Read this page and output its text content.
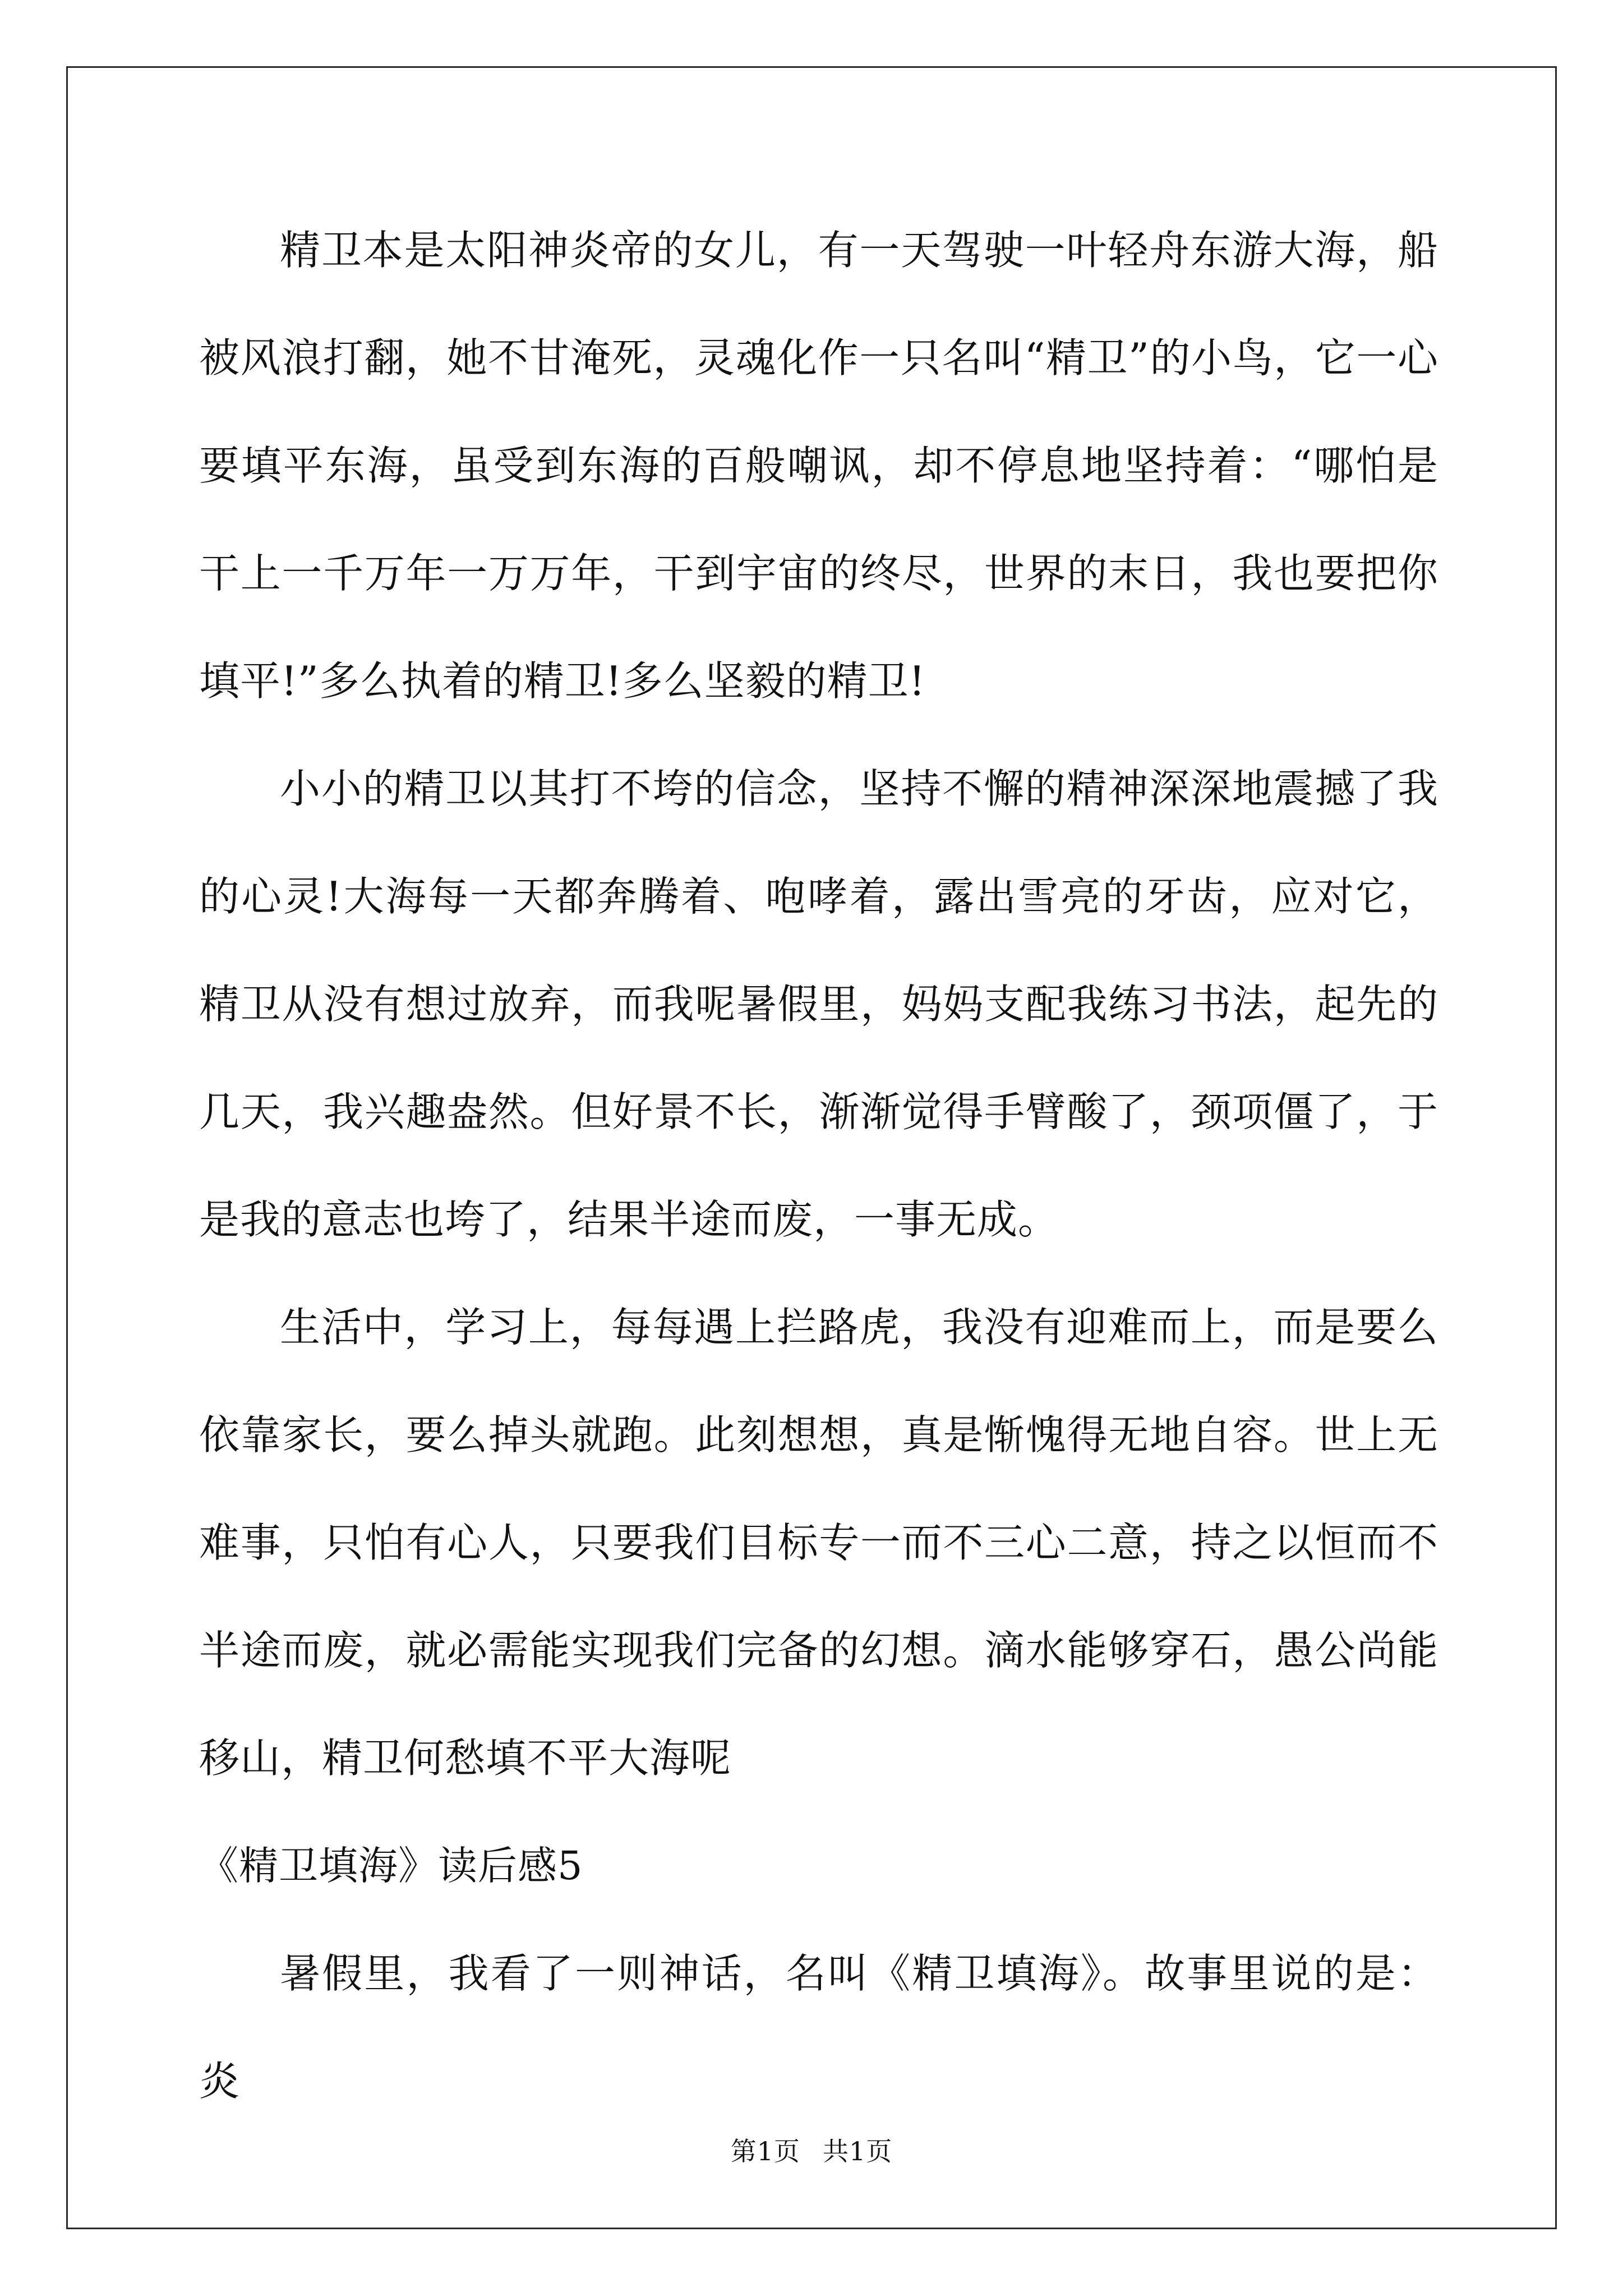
精卫本是太阳神炎帝的女儿，有一天驾驶一叶轻舟东游大海，船被风浪打翻，她不甘淹死，灵魂化作一只名叫“精卫”的小鸟，它一心要填平东海，虽受到东海的百般嘲讽，却不停息地坚持着：“哪怕是干上一千万年一万万年，干到宇宙的终尽，世界的末日，我也要把你填平!”多么执着的精卫!多么坚毅的精卫!

小小的精卫以其打不垮的信念，坚持不懈的精神深深地震撼了我的心灵!大海每一天都奔腾着、咆哮着，露出雪亮的牙齿，应对它，精卫从没有想过放弃，而我呢暑假里，妈妈支配我练习书法，起先的几天，我兴趣盎然。但好景不长，渐渐觉得手臂酸了，颈项僵了，于是我的意志也垮了，结果半途而废，一事无成。

生活中，学习上，每每遇上拦路虎，我没有迎难而上，而是要么依靠家长，要么掉头就跑。此刻想想，真是惭愧得无地自容。世上无难事，只怕有心人，只要我们目标专一而不三心二意，持之以恒而不半途而废，就必需能实现我们完备的幻想。滴水能够穿石，愚公尚能移山，精卫何愁填不平大海呢

《精卫填海》读后感5

暑假里，我看了一则神话，名叫《精卫填海》。故事里说的是：炎

第1页 共1页
